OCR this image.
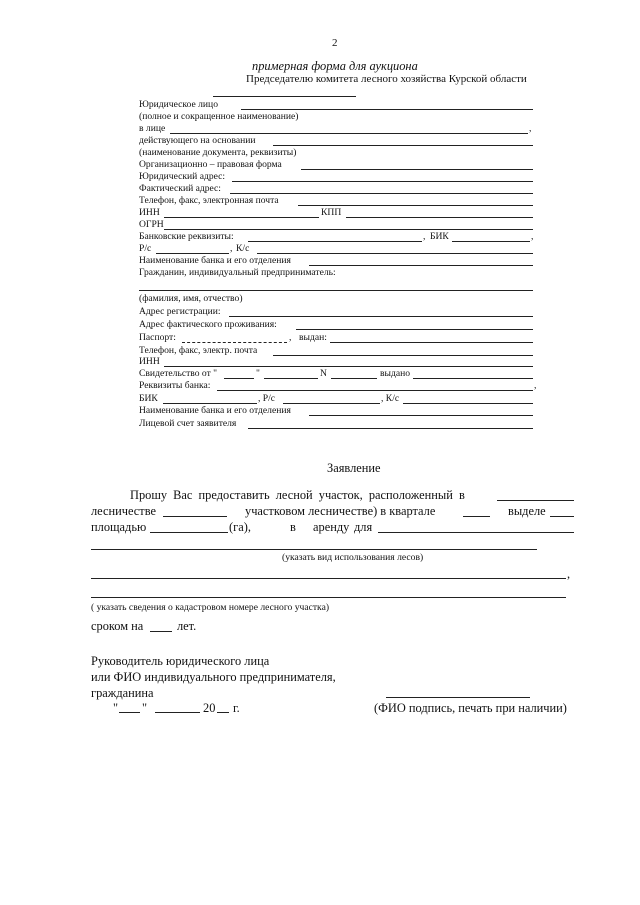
2
примерная форма для аукциона
Председателю комитета лесного хозяйства Курской области
Юридическое лицо
(полное и сокращенное наименование)
в лице	,
действующего на основании
(наименование документа, реквизиты)
Организационно – правовая форма
Юридический адрес:
Фактический адрес:
Телефон, факс, электронная почта
ИНН	КПП
ОГРН
Банковские реквизиты:	, БИК	,
Р/с	, К/с
Наименование банка и его отделения
Гражданин, индивидуальный предприниматель:
(фамилия, имя, отчество)
Адрес регистрации:
Адрес фактического проживания:
Паспорт:	, выдан:
Телефон, факс, электр. почта
ИНН
Свидетельство от "	"	N	выдано
Реквизиты банка:	,
БИК	, Р/с	, К/с
Наименование банка и его отделения
Лицевой счет заявителя
Заявление
Прошу Вас предоставить лесной участок, расположенный в
лесничестве	участковом лесничестве) в квартале	выделе
площадью	(га),	в аренду для
(указать вид использования лесов)
,
( указать сведения о кадастровом номере лесного участка)
сроком на	лет.
Руководитель юридического лица
или ФИО индивидуального предпринимателя,
гражданина
" "	20 г.	(ФИО подпись, печать при наличии)
